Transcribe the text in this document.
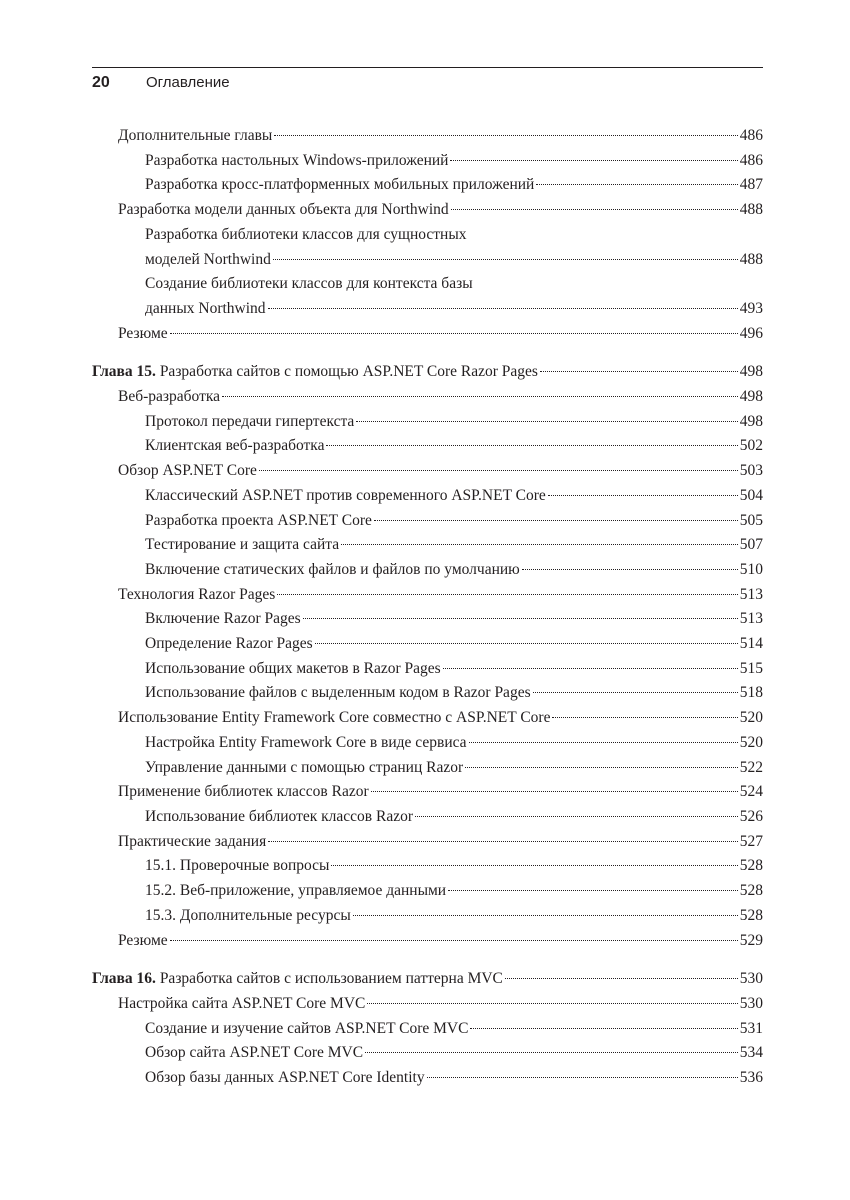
20 Оглавление
Дополнительные главы	486
Разработка настольных Windows-приложений	486
Разработка кросс-платформенных мобильных приложений	487
Разработка модели данных объекта для Northwind	488
Разработка библиотеки классов для сущностных
моделей Northwind	488
Создание библиотеки классов для контекста базы
данных Northwind	493
Резюме	496
Глава 15. Разработка сайтов с помощью ASP.NET Core Razor Pages	498
Веб-разработка	498
Протокол передачи гипертекста	498
Клиентская веб-разработка	502
Обзор ASP.NET Core	503
Классический ASP.NET против современного ASP.NET Core	504
Разработка проекта ASP.NET Core	505
Тестирование и защита сайта	507
Включение статических файлов и файлов по умолчанию	510
Технология Razor Pages	513
Включение Razor Pages	513
Определение Razor Pages	514
Использование общих макетов в Razor Pages	515
Использование файлов с выделенным кодом в Razor Pages	518
Использование Entity Framework Core совместно с ASP.NET Core	520
Настройка Entity Framework Core в виде сервиса	520
Управление данными с помощью страниц Razor	522
Применение библиотек классов Razor	524
Использование библиотек классов Razor	526
Практические задания	527
15.1. Проверочные вопросы	528
15.2. Веб-приложение, управляемое данными	528
15.3. Дополнительные ресурсы	528
Резюме	529
Глава 16. Разработка сайтов с использованием паттерна MVC	530
Настройка сайта ASP.NET Core MVC	530
Создание и изучение сайтов ASP.NET Core MVC	531
Обзор сайта ASP.NET Core MVC	534
Обзор базы данных ASP.NET Core Identity	536
